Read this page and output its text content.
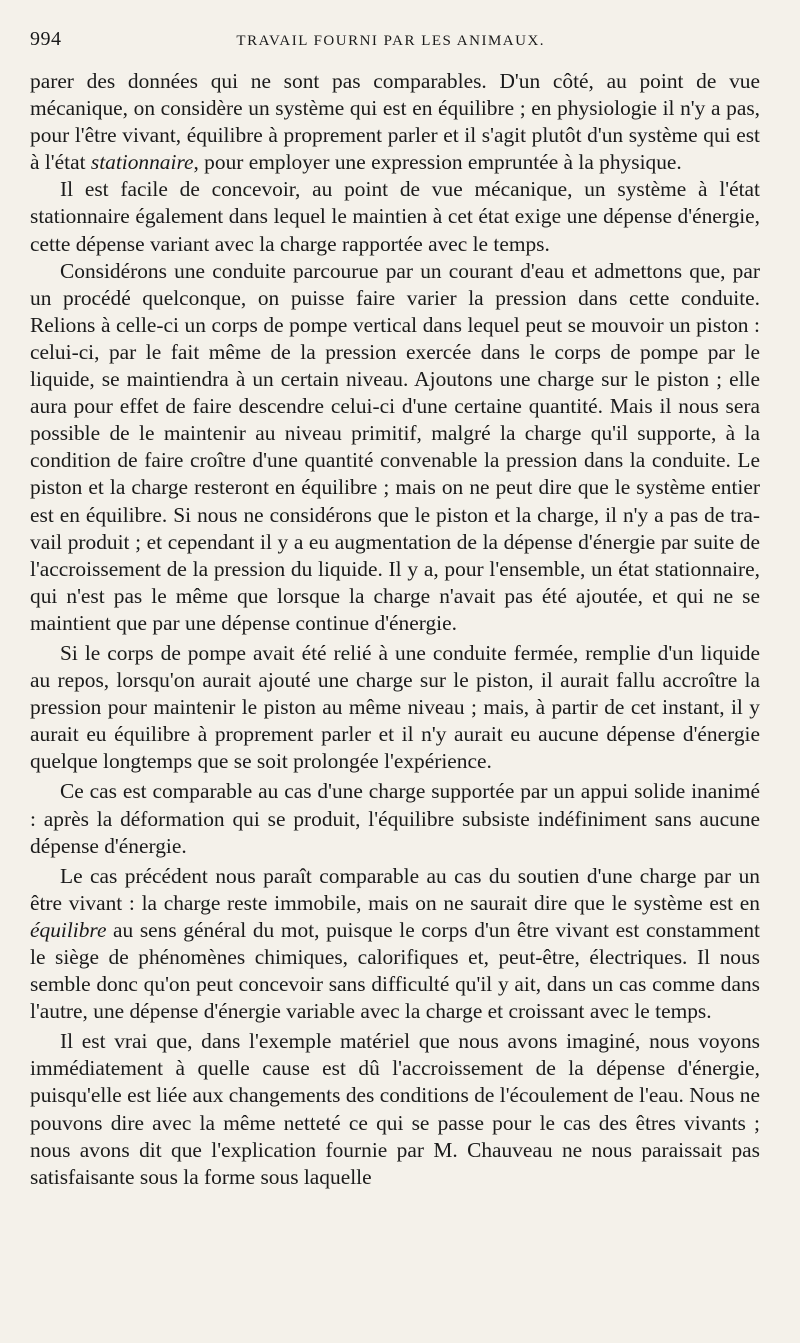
994	TRAVAIL FOURNI PAR LES ANIMAUX.

parer des données qui ne sont pas comparables. D'un côté, au point de vue mécanique, on considère un système qui est en équilibre ; en physiologie il n'y a pas, pour l'être vivant, équilibre à proprement parler et il s'agit plutôt d'un système qui est à l'état stationnaire, pour employer une expression empruntée à la physique.

Il est facile de concevoir, au point de vue mécanique, un système à l'état stationnaire également dans lequel le maintien à cet état exige une dépense d'énergie, cette dépense variant avec la charge rapportée avec le temps.

Considérons une conduite parcourue par un courant d'eau et admettons que, par un procédé quelconque, on puisse faire varier la pression dans cette conduite. Relions à celle-ci un corps de pompe vertical dans lequel peut se mouvoir un piston : celui-ci, par le fait même de la pression exercée dans le corps de pompe par le liquide, se maintiendra à un certain niveau. Ajoutons une charge sur le piston ; elle aura pour effet de faire descendre celui-ci d'une certaine quantité. Mais il nous sera possible de le maintenir au niveau primitif, malgré la charge qu'il supporte, à la condition de faire croître d'une quantité convenable la pression dans la conduite. Le piston et la charge resteront en équilibre ; mais on ne peut dire que le système entier est en équilibre. Si nous ne considérons que le piston et la charge, il n'y a pas de travail produit ; et cependant il y a eu augmentation de la dépense d'énergie par suite de l'accroissement de la pression du liquide. Il y a, pour l'ensemble, un état stationnaire, qui n'est pas le même que lorsque la charge n'avait pas été ajoutée, et qui ne se maintient que par une dépense continue d'énergie.

Si le corps de pompe avait été relié à une conduite fermée, remplie d'un liquide au repos, lorsqu'on aurait ajouté une charge sur le piston, il aurait fallu accroître la pression pour maintenir le piston au même niveau ; mais, à partir de cet instant, il y aurait eu équilibre à proprement parler et il n'y aurait eu aucune dépense d'énergie quelque longtemps que se soit prolongée l'expérience.

Ce cas est comparable au cas d'une charge supportée par un appui solide inanimé : après la déformation qui se produit, l'équilibre subsiste indéfiniment sans aucune dépense d'énergie.

Le cas précédent nous paraît comparable au cas du soutien d'une charge par un être vivant : la charge reste immobile, mais on ne saurait dire que le système est en équilibre au sens général du mot, puisque le corps d'un être vivant est constamment le siège de phénomènes chimiques, calorifiques et, peut-être, électriques. Il nous semble donc qu'on peut concevoir sans difficulté qu'il y ait, dans un cas comme dans l'autre, une dépense d'énergie variable avec la charge et croissant avec le temps.

Il est vrai que, dans l'exemple matériel que nous avons imaginé, nous voyons immédiatement à quelle cause est dû l'accroissement de la dépense d'énergie, puisqu'elle est liée aux changements des conditions de l'écoulement de l'eau. Nous ne pouvons dire avec la même netteté ce qui se passe pour le cas des êtres vivants ; nous avons dit que l'explication fournie par M. Chauveau ne nous paraissait pas satisfaisante sous la forme sous laquelle
